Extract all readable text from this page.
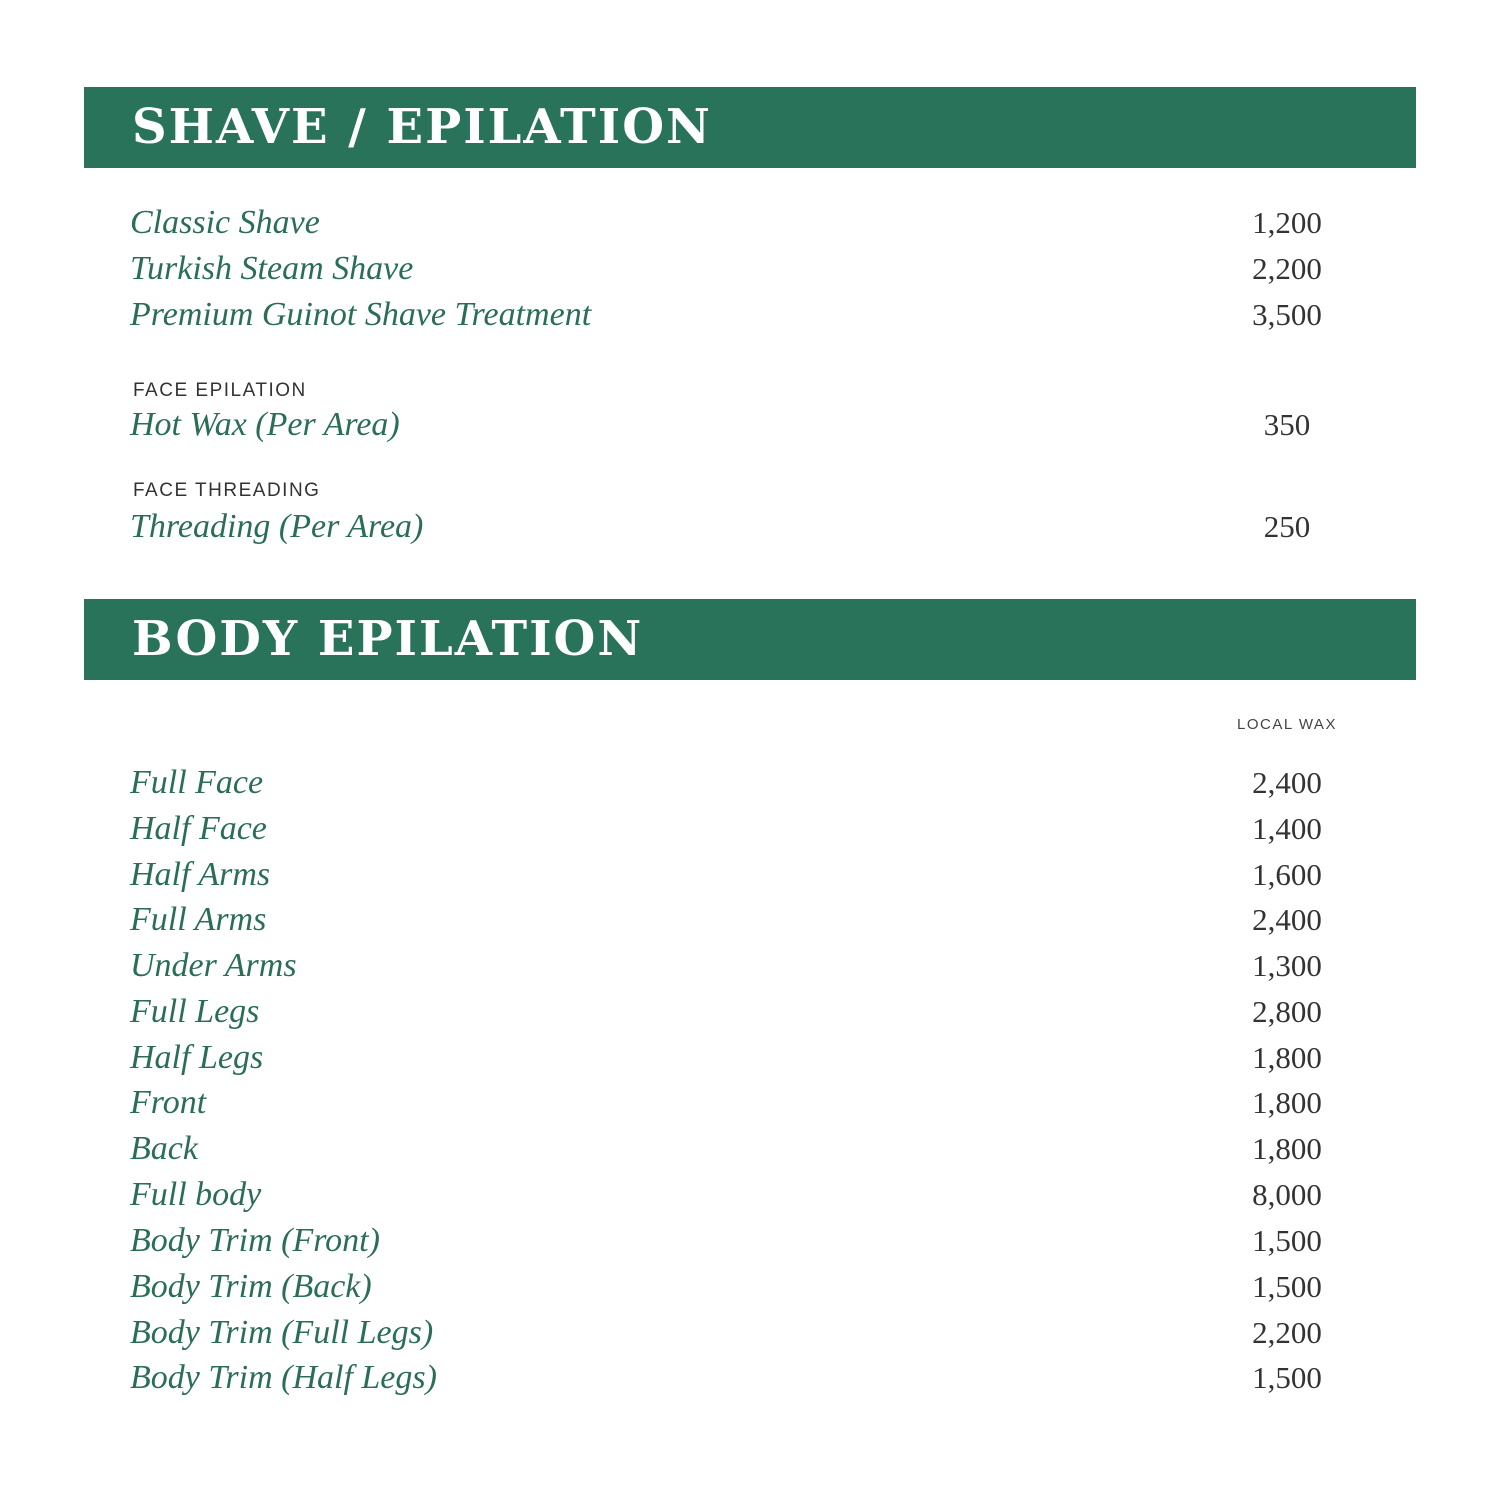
SHAVE / EPILATION
Classic Shave	1,200
Turkish Steam Shave	2,200
Premium Guinot Shave Treatment	3,500
FACE EPILATION
Hot Wax (Per Area)	350
FACE THREADING
Threading (Per Area)	250
BODY EPILATION
LOCAL WAX
Full Face	2,400
Half Face	1,400
Half Arms	1,600
Full Arms	2,400
Under Arms	1,300
Full Legs	2,800
Half Legs	1,800
Front	1,800
Back	1,800
Full body	8,000
Body Trim (Front)	1,500
Body Trim (Back)	1,500
Body Trim (Full Legs)	2,200
Body Trim (Half Legs)	1,500
